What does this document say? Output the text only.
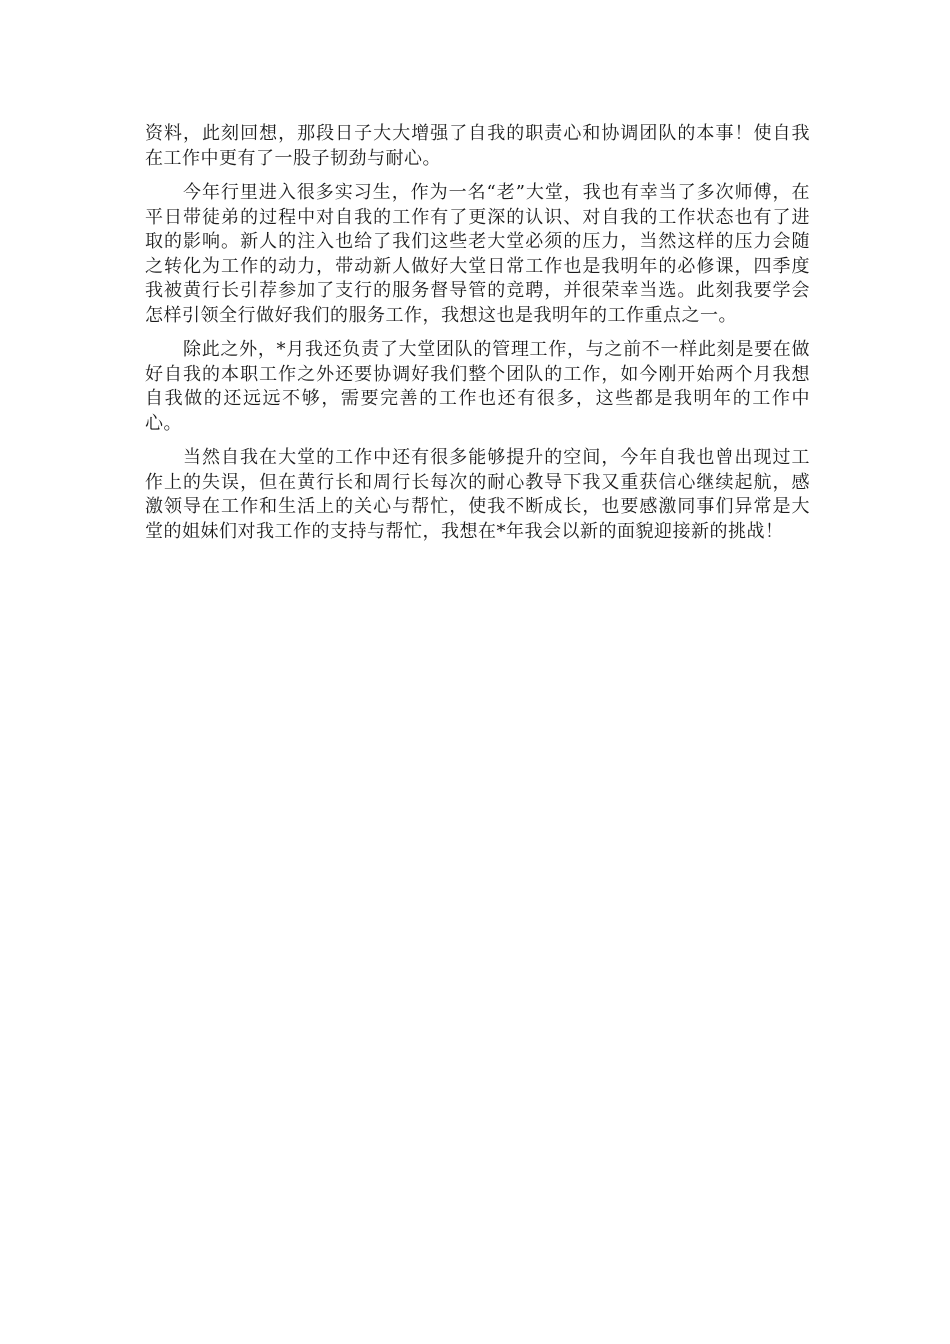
资料，此刻回想，那段日子大大增强了自我的职责心和协调团队的本事！使自我在工作中更有了一股子韧劲与耐心。

今年行里进入很多实习生，作为一名“老”大堂，我也有幸当了多次师傅，在平日带徒弟的过程中对自我的工作有了更深的认识、对自我的工作状态也有了进取的影响。新人的注入也给了我们这些老大堂必须的压力，当然这样的压力会随之转化为工作的动力，带动新人做好大堂日常工作也是我明年的必修课，四季度我被黄行长引荐参加了支行的服务督导管的竞聘，并很荣幸当选。此刻我要学会怎样引领全行做好我们的服务工作，我想这也是我明年的工作重点之一。

除此之外，*月我还负责了大堂团队的管理工作，与之前不一样此刻是要在做好自我的本职工作之外还要协调好我们整个团队的工作，如今刚开始两个月我想自我做的还远远不够，需要完善的工作也还有很多，这些都是我明年的工作中心。

当然自我在大堂的工作中还有很多能够提升的空间，今年自我也曾出现过工作上的失误，但在黄行长和周行长每次的耐心教导下我又重获信心继续起航，感激领导在工作和生活上的关心与帮忙，使我不断成长，也要感激同事们异常是大堂的姐妹们对我工作的支持与帮忙，我想在*年我会以新的面貌迎接新的挑战！
